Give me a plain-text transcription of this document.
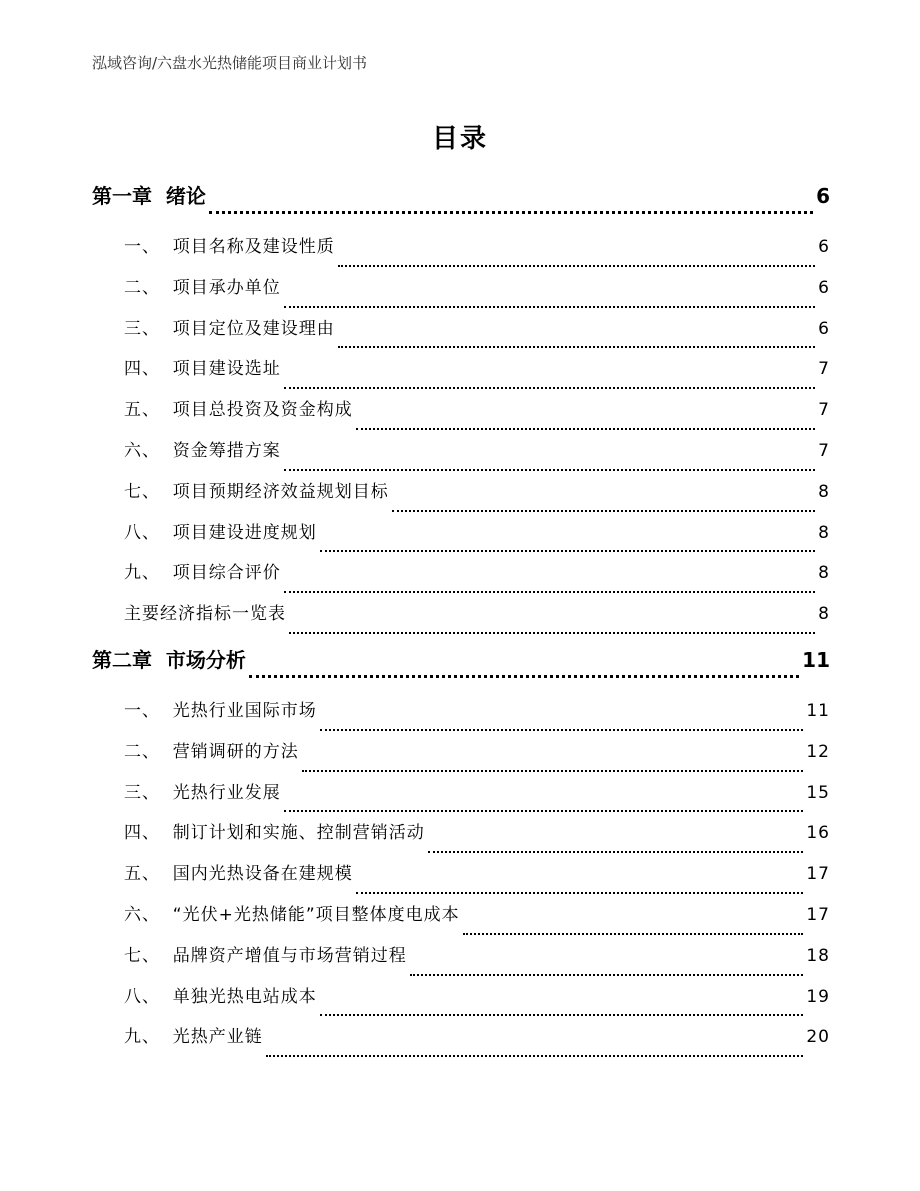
泓域咨询/六盘水光热储能项目商业计划书
目录
第一章  绪论	6
一、  项目名称及建设性质	6
二、  项目承办单位	6
三、  项目定位及建设理由	6
四、  项目建设选址	7
五、  项目总投资及资金构成	7
六、  资金筹措方案	7
七、  项目预期经济效益规划目标	8
八、  项目建设进度规划	8
九、  项目综合评价	8
主要经济指标一览表	8
第二章  市场分析	11
一、  光热行业国际市场	11
二、  营销调研的方法	12
三、  光热行业发展	15
四、  制订计划和实施、控制营销活动	16
五、  国内光热设备在建规模	17
六、  “光伏+光热储能”项目整体度电成本	17
七、  品牌资产增值与市场营销过程	18
八、  单独光热电站成本	19
九、  光热产业链	20
